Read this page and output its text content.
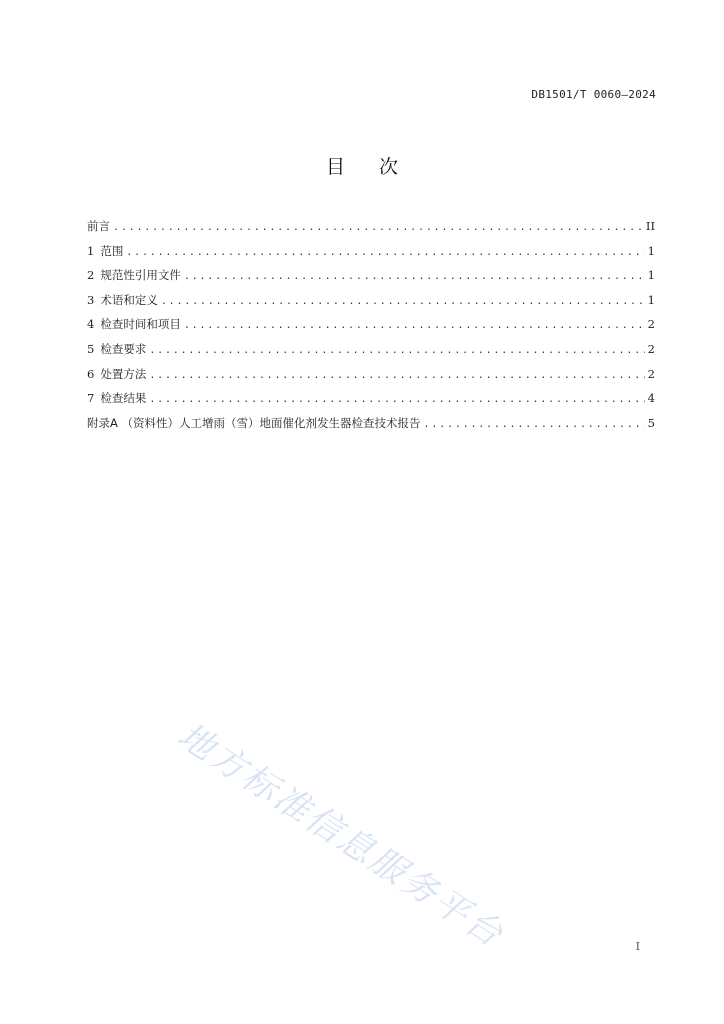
DB1501/T 0060—2024
目次
前言 .....	II
1 范围 .....	1
2 规范性引用文件 .....	1
3 术语和定义 .....	1
4 检查时间和项目 .....	2
5 检查要求 .....	2
6 处置方法 .....	2
7 检查结果 .....	4
附录A （资料性）人工增雨（雪）地面催化剂发生器检查技术报告 .....	5
地方标准信息服务平台	I
